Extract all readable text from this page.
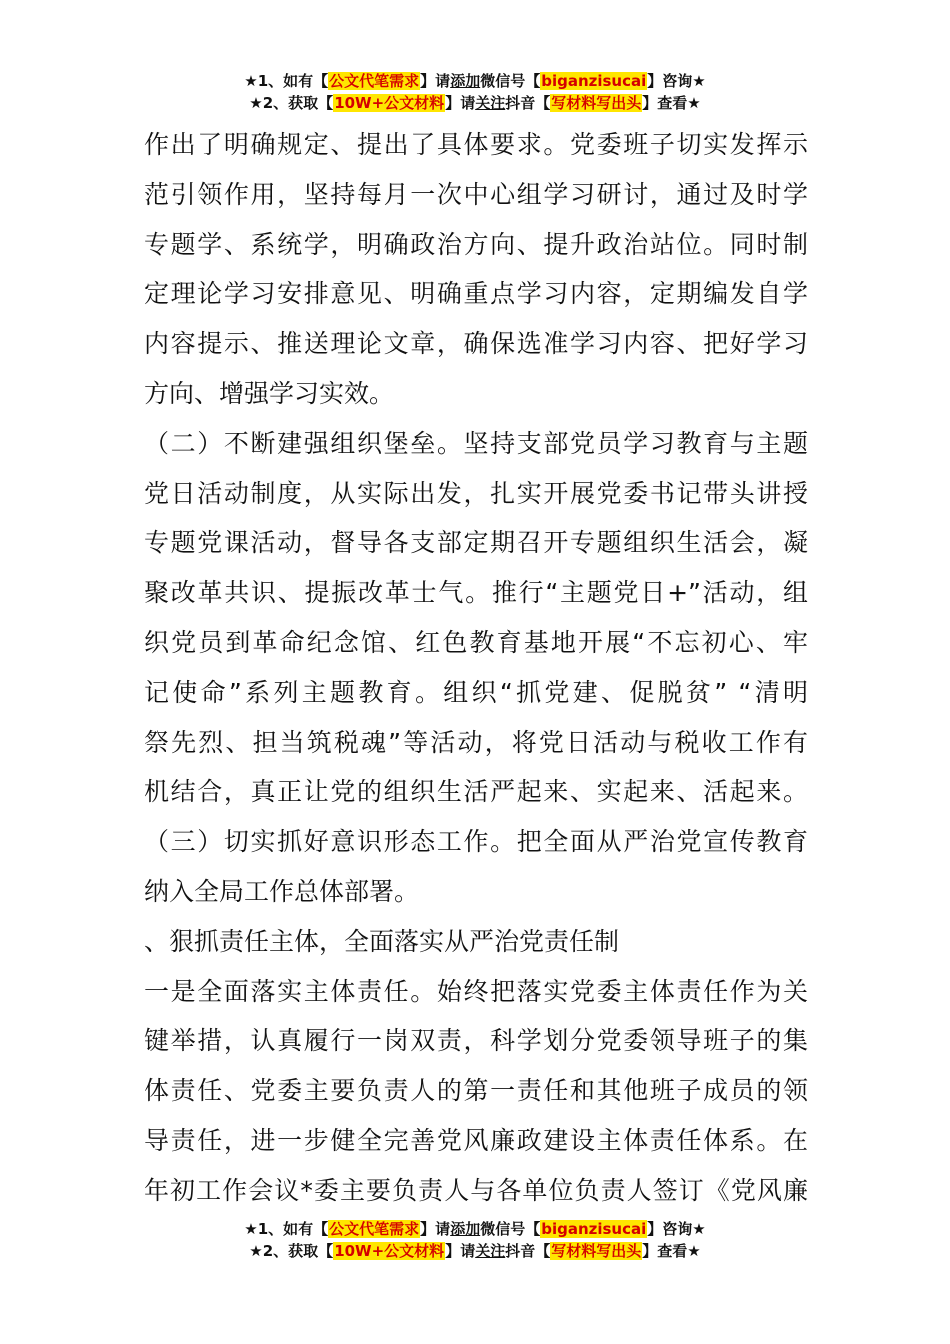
★1、如有【公文代笔需求】请添加微信号【biganzisucai】咨询★
★2、获取【10W+公文材料】请关注抖音【写材料写出头】查看★
作出了明确规定、提出了具体要求。党委班子切实发挥示
范引领作用，坚持每月一次中心组学习研讨，通过及时学
专题学、系统学，明确政治方向、提升政治站位。同时制
定理论学习安排意见、明确重点学习内容，定期编发自学
内容提示、推送理论文章，确保选准学习内容、把好学习
方向、增强学习实效。
（二）不断建强组织堡垒。坚持支部党员学习教育与主题
党日活动制度，从实际出发，扎实开展党委书记带头讲授
专题党课活动，督导各支部定期召开专题组织生活会，凝
聚改革共识、提振改革士气。推行“主题党日+”活动，组
织党员到革命纪念馆、红色教育基地开展“不忘初心、牢
记使命”系列主题教育。组织“抓党建、促脱贫” “清明
祭先烈、担当筑税魂”等活动，将党日活动与税收工作有
机结合，真正让党的组织生活严起来、实起来、活起来。
（三）切实抓好意识形态工作。把全面从严治党宣传教育
纳入全局工作总体部署。
、狠抓责任主体，全面落实从严治党责任制
一是全面落实主体责任。始终把落实党委主体责任作为关
键举措，认真履行一岗双责，科学划分党委领导班子的集
体责任、党委主要负责人的第一责任和其他班子成员的领
导责任，进一步健全完善党风廉政建设主体责任体系。在
年初工作会议*委主要负责人与各单位负责人签订《党风廉
★1、如有【公文代笔需求】请添加微信号【biganzisucai】咨询★
★2、获取【10W+公文材料】请关注抖音【写材料写出头】查看★
